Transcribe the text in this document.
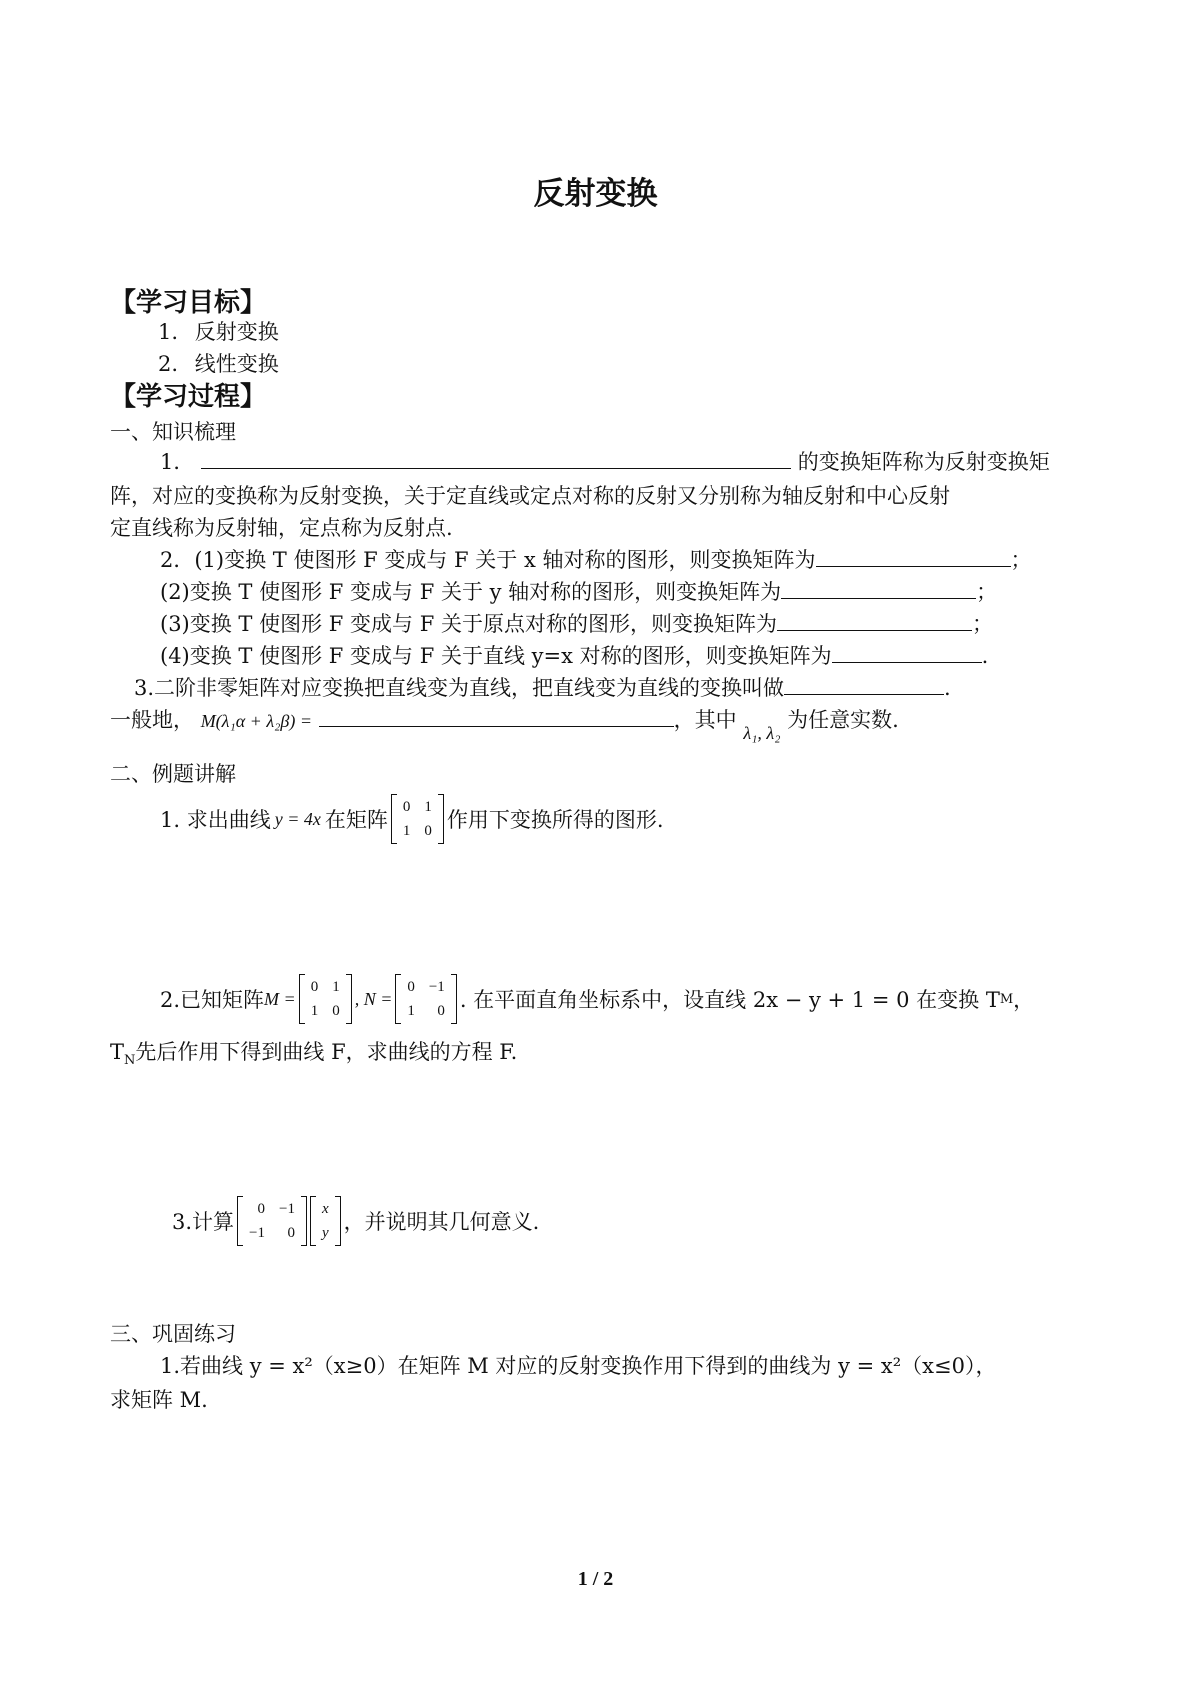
反射变换
【学习目标】
1. 反射变换
2. 线性变换
【学习过程】
一、知识梳理
1．	的变换矩阵称为反射变换矩
阵，对应的变换称为反射变换，关于定直线或定点对称的反射又分别称为轴反射和中心反射
定直线称为反射轴，定点称为反射点.
2．(1)变换 T 使图形 F 变成与 F 关于 x 轴对称的图形，则变换矩阵为	；
(2)变换 T 使图形 F 变成与 F 关于 y 轴对称的图形，则变换矩阵为	；
(3)变换 T 使图形 F 变成与 F 关于原点对称的图形，则变换矩阵为	；
(4)变换 T 使图形 F 变成与 F 关于直线 y=x 对称的图形，则变换矩阵为	.
3.二阶非零矩阵对应变换把直线变为直线，把直线变为直线的变换叫做	.
一般地， M(λ₁α + λ₂β) =	，其中 λ₁, λ₂ 为任意实数.
二、例题讲解
1. 求出曲线 y = 4x 在矩阵
0 1
1 0 作用下变换所得的图形.
2.已知矩阵 M =
0 1
1 0
, N =
0 −1
1	0 . 在平面直角坐标系中，设直线 2x − y + 1 = 0 在变换 T M ，
$T_N$先后作用下得到曲线 F，求曲线的方程 F.
3.计算
0 −1
−1	0
x
y ，并说明其几何意义.
三、巩固练习
1.若曲线 y = x²（x≥0）在矩阵 M 对应的反射变换作用下得到的曲线为 y = x²（x≤0），
求矩阵 M.
1 / 2
